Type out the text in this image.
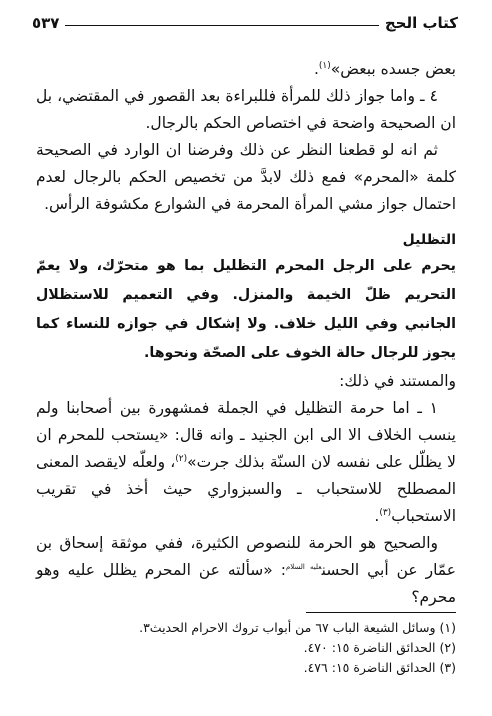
كتاب الحج
٥٣٧

بعض جسده ببعض»$^{(١)}$.

٤ ـ واما جواز ذلك للمرأة فللبراءة بعد القصور في المقتضي، بل ان الصحيحة واضحة في اختصاص الحكم بالرجال.

ثم انه لو قطعنا النظر عن ذلك وفرضنا ان الوارد في الصحيحة كلمة «المحرم» فمع ذلك لابدَّ من تخصيص الحكم بالرجال لعدم احتمال جواز مشي المرأة المحرمة في الشوارع مكشوفة الرأس.

التظليل

يحرم على الرجل المحرم التظليل بما هو متحرّك، ولا يعمّ التحريم ظلّ الخيمة والمنزل. وفي التعميم للاستظلال الجانبي وفي الليل خلاف. ولا إشكال في جوازه للنساء كما يجوز للرجال حالة الخوف على الصحّة ونحوها.

والمستند في ذلك:

١ ـ اما حرمة التظليل في الجملة فمشهورة بين أصحابنا ولم ينسب الخلاف الا الى ابن الجنيد ـ وانه قال: «يستحب للمحرم ان لا يظلّل على نفسه لان السنّة بذلك جرت»$^{(٢)}$، ولعلّه لايقصد المعنى المصطلح للاستحباب ـ والسبزواري حيث أخذ في تقريب الاستحباب$^{(٣)}$.

والصحيح هو الحرمة للنصوص الكثيرة، ففي موثقة إسحاق بن عمّار عن أبي الحسن$^{عليه السلام}$: «سألته عن المحرم يظلل عليه وهو محرم؟

(١) وسائل الشيعة الباب ٦٧ من أبواب تروك الاحرام الحديث٣.
(٢) الحدائق الناضرة ١٥: ٤٧٠.
(٣) الحدائق الناضرة ١٥: ٤٧٦.
